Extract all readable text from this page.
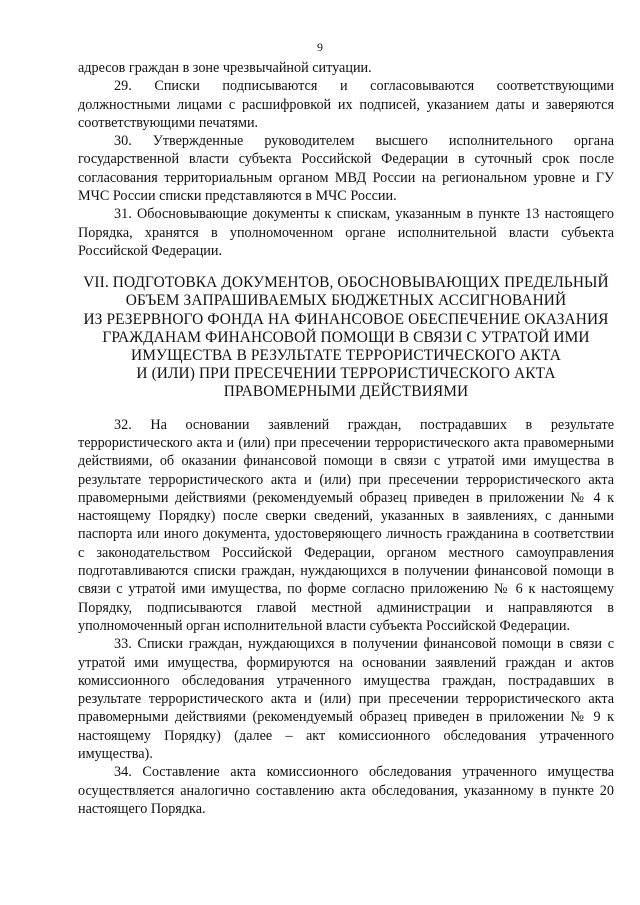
9

адресов граждан в зоне чрезвычайной ситуации.

29. Списки подписываются и согласовываются соответствующими должностными лицами с расшифровкой их подписей, указанием даты и заверяются соответствующими печатями.

30. Утвержденные руководителем высшего исполнительного органа государственной власти субъекта Российской Федерации в суточный срок после согласования территориальным органом МВД России на региональном уровне и ГУ МЧС России списки представляются в МЧС России.

31. Обосновывающие документы к спискам, указанным в пункте 13 настоящего Порядка, хранятся в уполномоченном органе исполнительной власти субъекта Российской Федерации.

VII. ПОДГОТОВКА ДОКУМЕНТОВ, ОБОСНОВЫВАЮЩИХ ПРЕДЕЛЬНЫЙ
ОБЪЕМ ЗАПРАШИВАЕМЫХ БЮДЖЕТНЫХ АССИГНОВАНИЙ
ИЗ РЕЗЕРВНОГО ФОНДА НА ФИНАНСОВОЕ ОБЕСПЕЧЕНИЕ ОКАЗАНИЯ
ГРАЖДАНАМ ФИНАНСОВОЙ ПОМОЩИ В СВЯЗИ С УТРАТОЙ ИМИ
ИМУЩЕСТВА В РЕЗУЛЬТАТЕ ТЕРРОРИСТИЧЕСКОГО АКТА
И (ИЛИ) ПРИ ПРЕСЕЧЕНИИ ТЕРРОРИСТИЧЕСКОГО АКТА
ПРАВОМЕРНЫМИ ДЕЙСТВИЯМИ

32. На основании заявлений граждан, пострадавших в результате террористического акта и (или) при пресечении террористического акта правомерными действиями, об оказании финансовой помощи в связи с утратой ими имущества в результате террористического акта и (или) при пресечении террористического акта правомерными действиями (рекомендуемый образец приведен в приложении № 4 к настоящему Порядку) после сверки сведений, указанных в заявлениях, с данными паспорта или иного документа, удостоверяющего личность гражданина в соответствии с законодательством Российской Федерации, органом местного самоуправления подготавливаются списки граждан, нуждающихся в получении финансовой помощи в связи с утратой ими имущества, по форме согласно приложению № 6 к настоящему Порядку, подписываются главой местной администрации и направляются в уполномоченный орган исполнительной власти субъекта Российской Федерации.

33. Списки граждан, нуждающихся в получении финансовой помощи в связи с утратой ими имущества, формируются на основании заявлений граждан и актов комиссионного обследования утраченного имущества граждан, пострадавших в результате террористического акта и (или) при пресечении террористического акта правомерными действиями (рекомендуемый образец приведен в приложении № 9 к настоящему Порядку) (далее – акт комиссионного обследования утраченного имущества).

34. Составление акта комиссионного обследования утраченного имущества осуществляется аналогично составлению акта обследования, указанному в пункте 20 настоящего Порядка.
